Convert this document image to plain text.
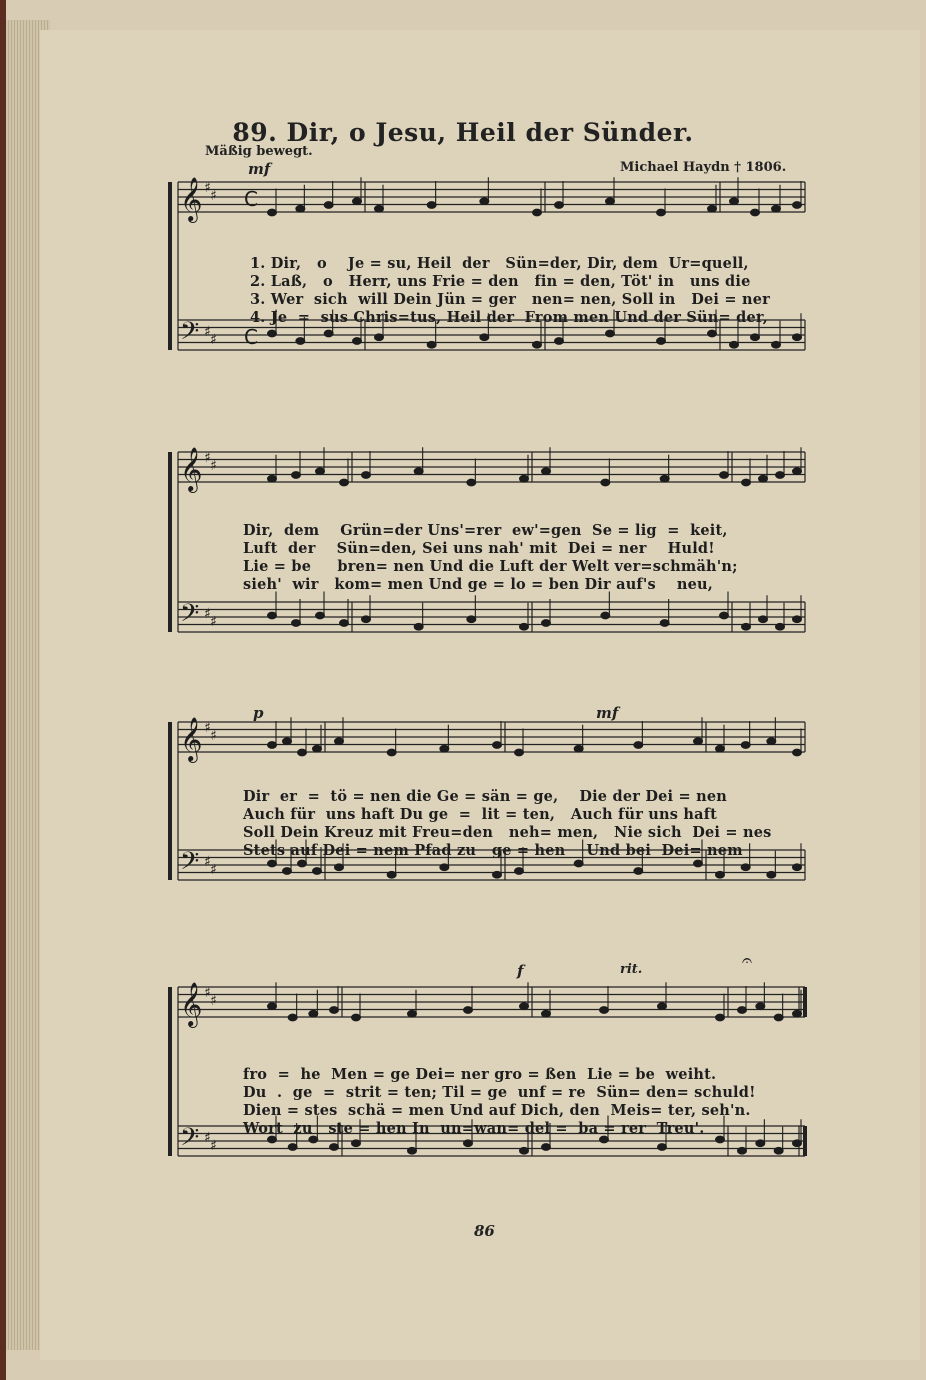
89. Dir, o Jesu, Heil der Sünder.
Mäßig bewegt.
Michael Haydn † 1806.
mf
p	mf
f	rit.
𝄞
𝄢
♯ ♯
♯ ♯
C
C
𝄞
𝄢
♯ ♯
♯ ♯
𝄞
𝄢
♯ ♯
♯ ♯
𝄞
𝄢
♯ ♯
♯ ♯
𝄐
1. Dir,   o    Je = su, Heil  der   Sün=der, Dir, dem  Ur=quell,
2. Laß,   o   Herr, uns Frie = den   fin = den, Töt' in   uns die
3. Wer  sich  will Dein Jün = ger   nen= nen, Soll in   Dei = ner
4. Je  =  sus Chris=tus, Heil der  From men Und der Sün= der,
Dir,  dem    Grün=der Uns'=rer  ew'=gen  Se = lig  =  keit,
Luft  der    Sün=den, Sei uns nah' mit  Dei = ner    Huld!
Lie = be     bren= nen Und die Luft der Welt ver=schmäh'n;
sieh'  wir   kom= men Und ge = lo = ben Dir auf's    neu,
Dir  er  =  tö = nen die Ge = sän = ge,    Die der Dei = nen
Auch für  uns haft Du ge  =  lit = ten,   Auch für uns haft
Soll Dein Kreuz mit Freu=den   neh= men,   Nie sich  Dei = nes
Stets auf Dei = nem Pfad zu   ge = hen    Und bei  Dei= nem
fro  =  he  Men = ge Dei= ner gro = ßen  Lie = be  weiht.
Du  .  ge  =  strit = ten; Til = ge  unf = re  Sün= den= schuld!
Dien = stes  schä = men Und auf Dich, den  Meis= ter, seh'n.
Wort  zu   ste = hen In  un=wan= del =  ba = rer  Treu'.
86
